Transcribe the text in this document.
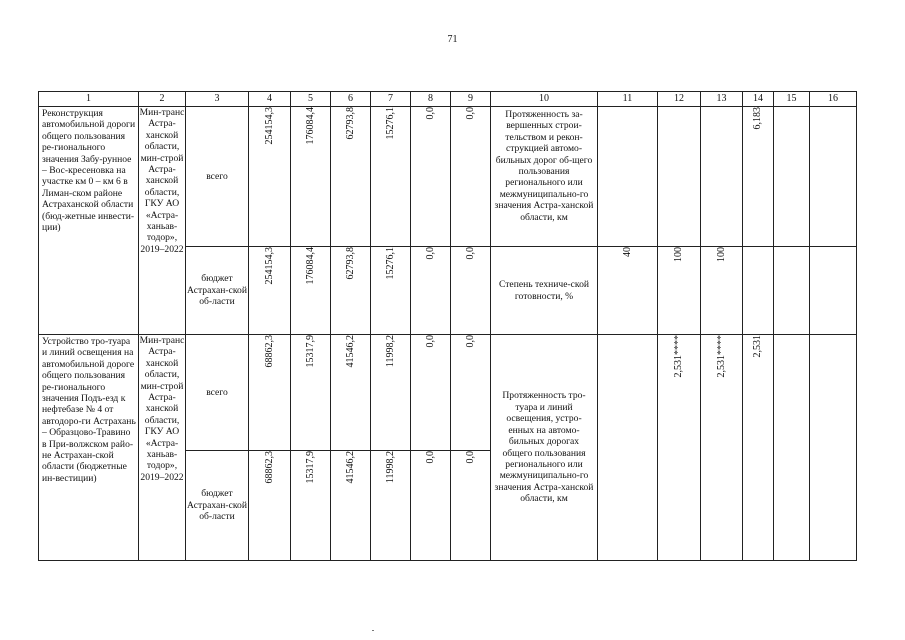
71
1	2	3	4	5	6	7	8	9	10	11	12	13	14	15	16
Реконструкция автомобильной дороги общего пользования ре-гионального значения Забу-рунное – Вос-кресеновка на участке км 0 – км 6 в Лиман-ском районе Астраханской области (бюд-жетные инвести-ции)	Мин-транс Астра-ханской области, мин-строй Астра-ханской области, ГКУ АО «Астра-ханьав-тодор», 2019–2022	всего	254154,3	176084,4	62793,8	15276,1	0,0	0,0	Протяженность за-вершенных строи-тельством и рекон-струкцией автомо-бильных дорог об-щего пользования регионального или межмуниципально-го значения Астра-ханской области, км				6,183		

		бюджет Астрахан-ской об-ласти	254154,3	176084,4	62793,8	15276,1	0,0	0,0	Степень техниче-ской готовности, %	40	100	100			

Устройство тро-туара и линий освещения на автомобильной дороге общего пользования ре-гионального значения Подъ-езд к нефтебазе № 4 от автодоро-ги Астрахань – Образцово-Травино в При-волжском райо-не Астрахан-ской области (бюджетные ин-вестиции)	Мин-транс Астра-ханской области, мин-строй Астра-ханской области, ГКУ АО «Астра-ханьав-тодор», 2019–2022	всего	68862,3	15317,9	41546,2	11998,2	0,0	0,0	Протяженность тро-туара и линий освещения, устро-енных на автомо-бильных дорогах общего пользования регионального или межмуниципально-го значения Астра-ханской области, км		2,531****	2,531****	2,531		

		бюджет Астрахан-ской об-ласти	68862,3	15317,9	41546,2	11998,2	0,0	0,0							
